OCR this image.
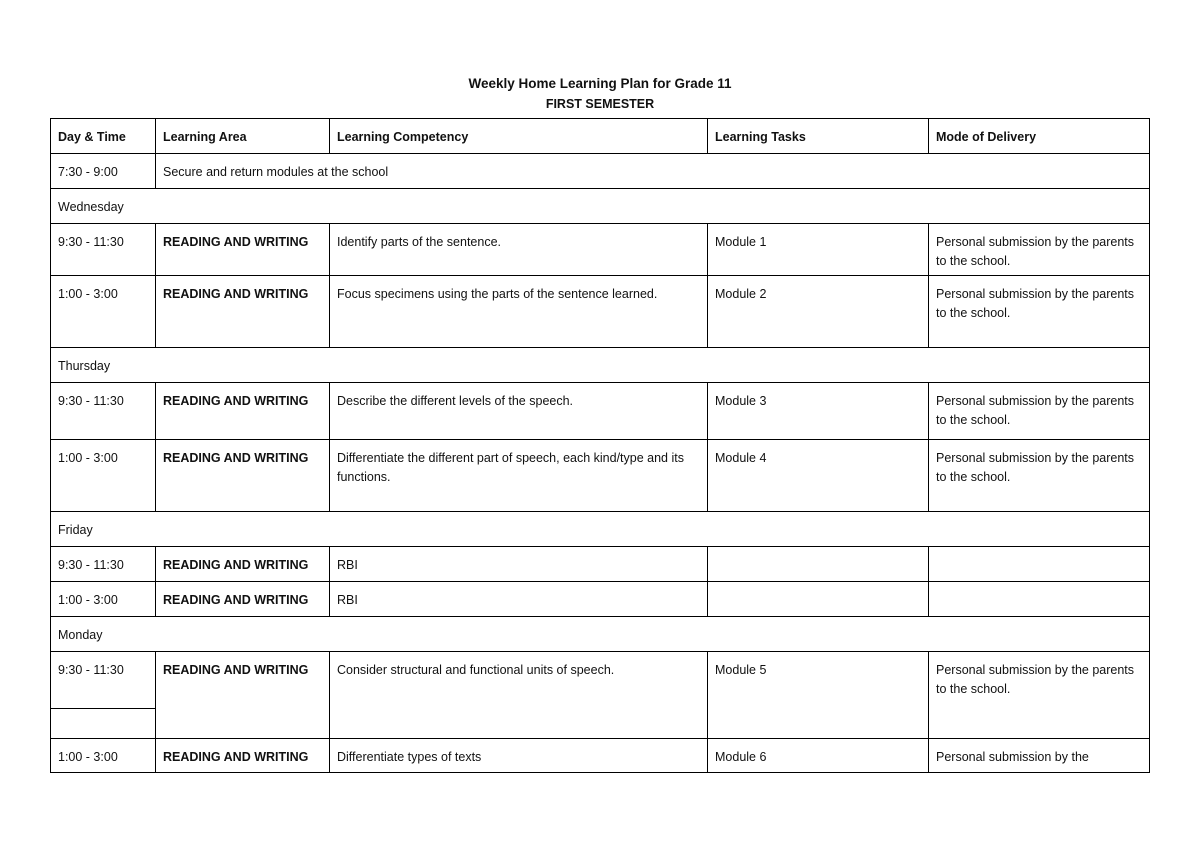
Weekly Home Learning Plan for Grade 11
FIRST SEMESTER
Day & Time	Learning Area	Learning Competency	Learning Tasks	Mode of Delivery
7:30 - 9:00	Secure and return modules at the school			
Wednesday				
9:30 - 11:30	READING AND WRITING	Identify parts of the sentence.	Module 1	Personal submission by the parents to the school.
1:00 - 3:00	READING AND WRITING	Focus specimens using the parts of the sentence learned.	Module 2	Personal submission by the parents to the school.
Thursday				
9:30 - 11:30	READING AND WRITING	Describe the different levels of the speech.	Module 3	Personal submission by the parents to the school.
1:00 - 3:00	READING AND WRITING	Differentiate the different part of speech, each kind/type and its functions.	Module 4	Personal submission by the parents to the school.
Friday				
9:30 - 11:30	READING AND WRITING	RBI		
1:00 - 3:00	READING AND WRITING	RBI		
Monday				
9:30 - 11:30	READING AND WRITING	Consider structural and functional units of speech.	Module 5	Personal submission by the parents to the school.

1:00 - 3:00	READING AND WRITING	Differentiate types of texts	Module 6	Personal submission by the
